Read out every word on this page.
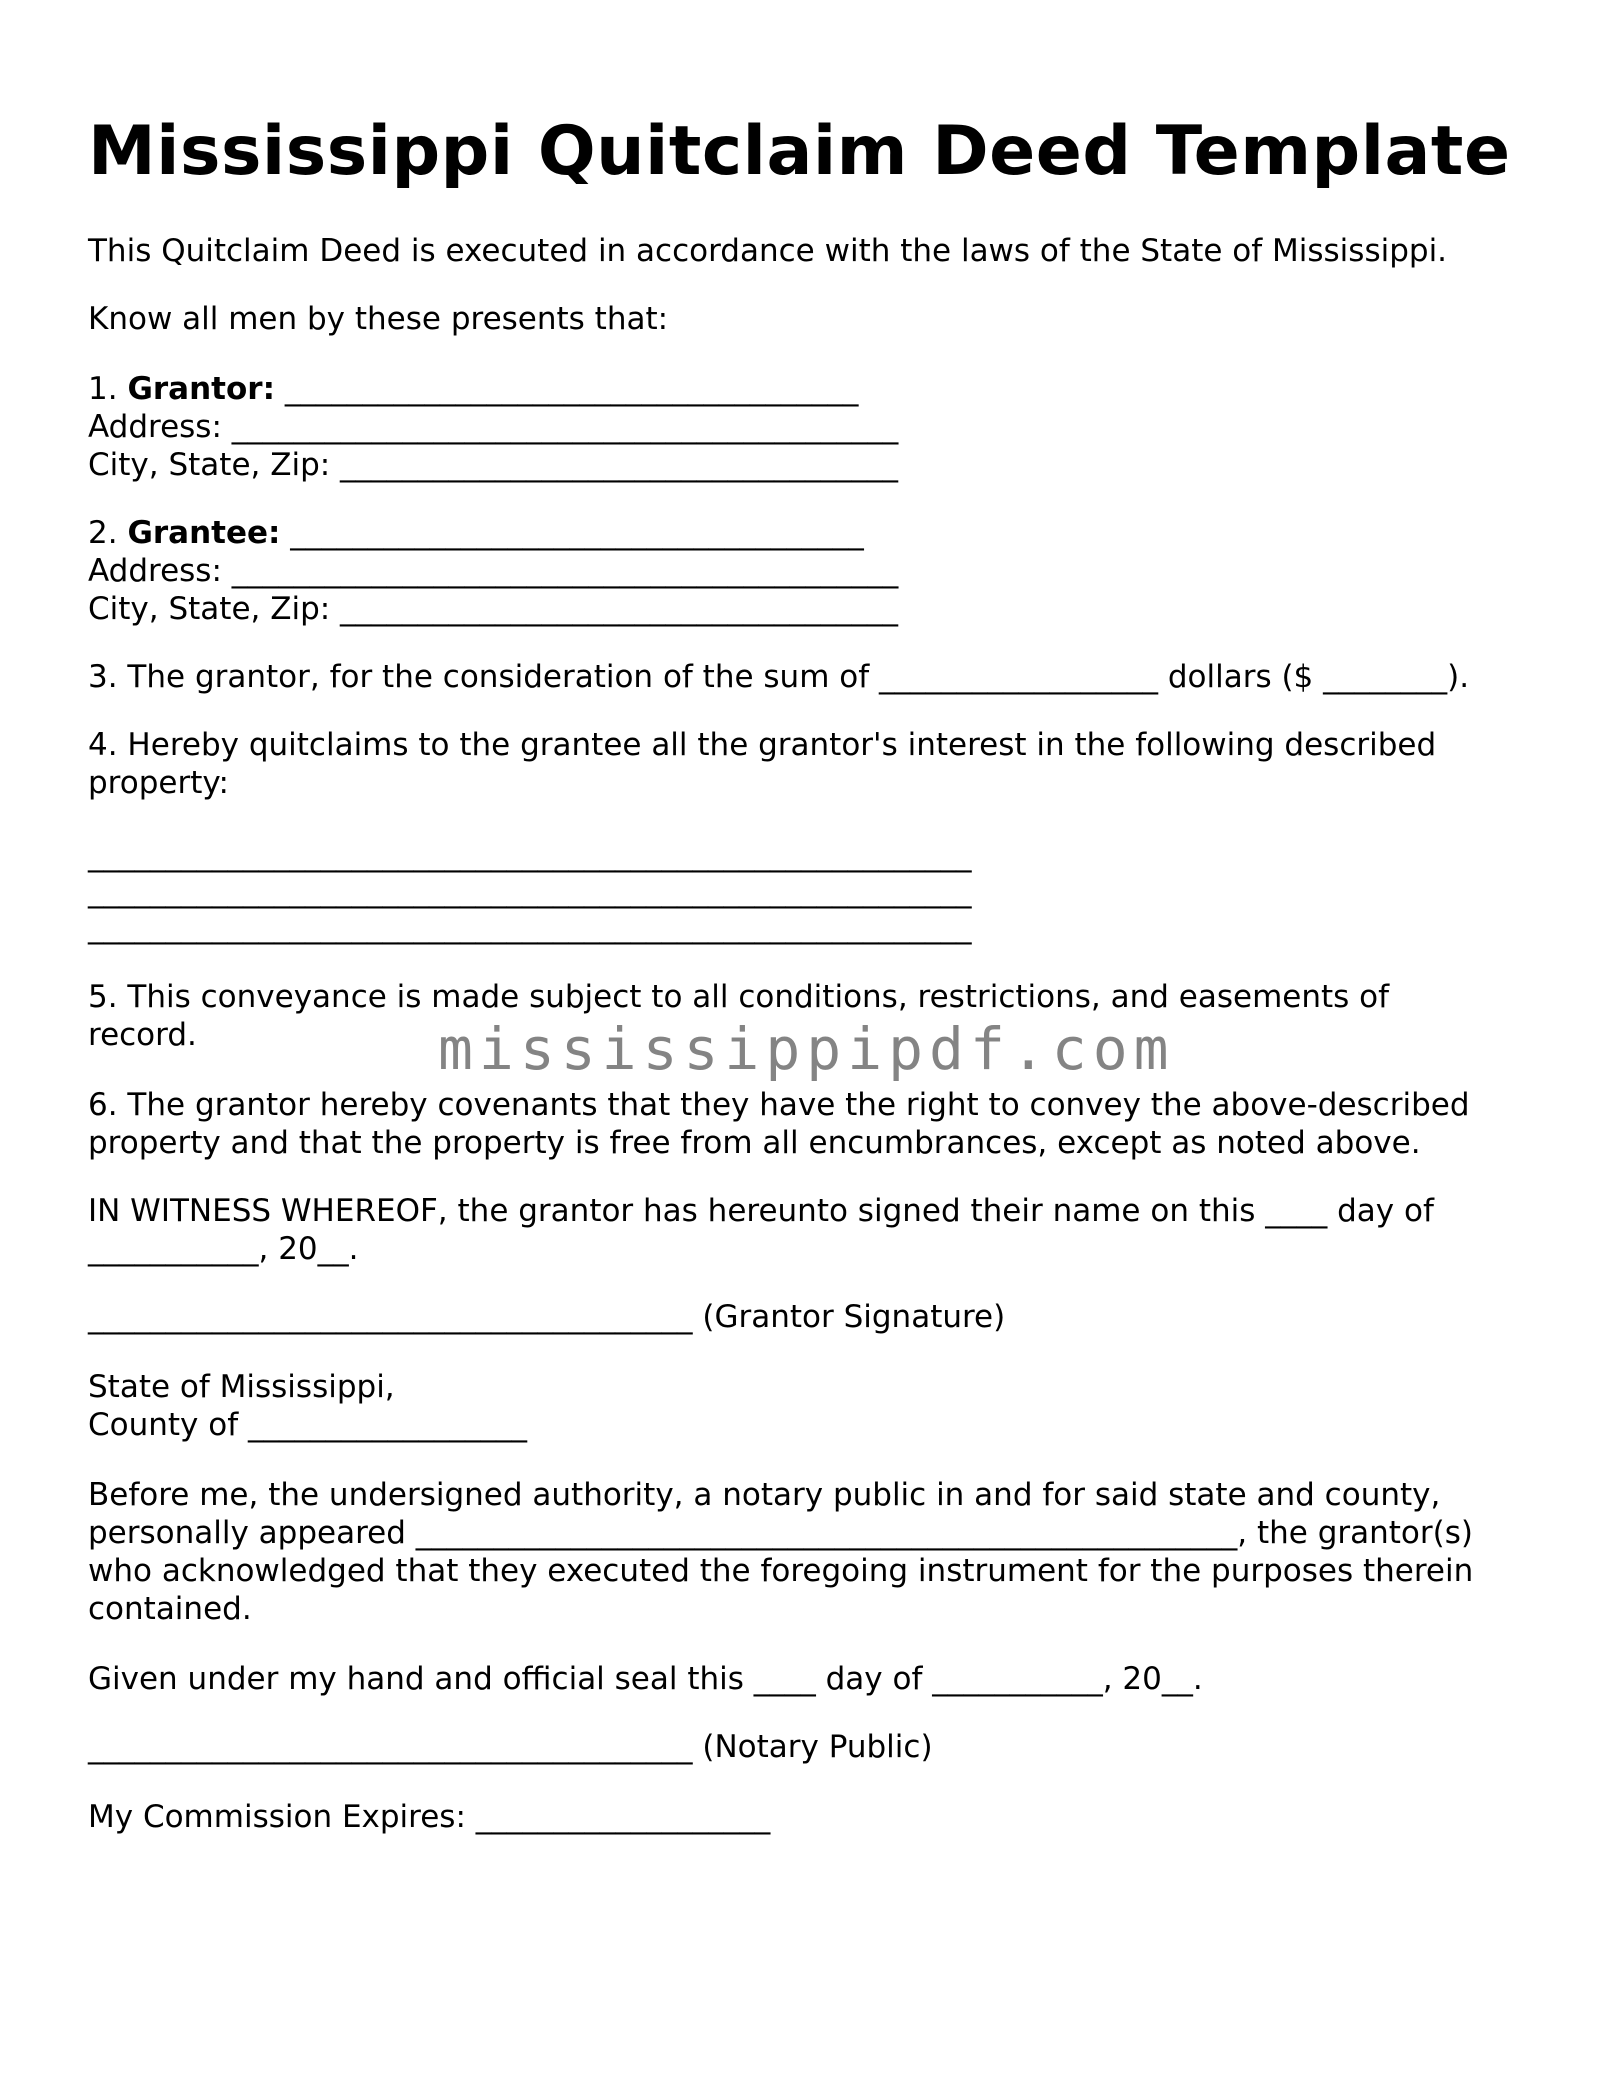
Mississippi Quitclaim Deed Template

This Quitclaim Deed is executed in accordance with the laws of the State of Mississippi.

Know all men by these presents that:

1. Grantor: _____________________________________

Address: ___________________________________________

City, State, Zip: ____________________________________

2. Grantee: _____________________________________

Address: ___________________________________________

City, State, Zip: ____________________________________

3. The grantor, for the consideration of the sum of __________________ dollars ($ ________).

4. Hereby quitclaims to the grantee all the grantor's interest in the following described

property:

_________________________________________________________

_________________________________________________________

_________________________________________________________

5. This conveyance is made subject to all conditions, restrictions, and easements of

record.

6. The grantor hereby covenants that they have the right to convey the above-described

property and that the property is free from all encumbrances, except as noted above.

IN WITNESS WHEREOF, the grantor has hereunto signed their name on this ____ day of

___________, 20__.

_______________________________________ (Grantor Signature)

State of Mississippi,

County of __________________

Before me, the undersigned authority, a notary public in and for said state and county,

personally appeared _____________________________________________________, the grantor(s)

who acknowledged that they executed the foregoing instrument for the purposes therein

contained.

Given under my hand and official seal this ____ day of ___________, 20__.

_______________________________________ (Notary Public)

My Commission Expires: ___________________

mississippipdf.com
